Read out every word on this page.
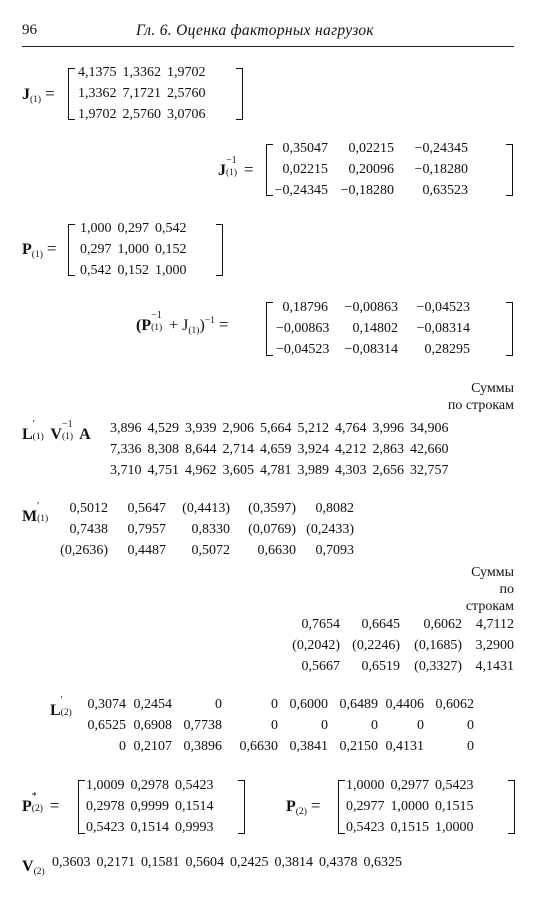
96	Гл. 6. Оценка факторных нагрузок
$J_{(1)}$ =
4,1375 1,3362 1,9702
1,3362 7,1721 2,5760
1,9702 2,5760 3,0706
J
−1
(1) =
0,35047	0,02215	−0,24345
0,02215	0,20096	−0,18280
−0,24345 −0,18280	0,63523
$P_{(1)}$ =
1,000 0,297 0,542
0,297 1,000 0,152
0,542 0,152 1,000
(P
−1
$(1) + J_{(1)})^{-1}$ =
0,18796	−0,00863	−0,04523
−0,00863	0,14802	−0,08314
−0,04523	−0,08314	0,28295
Суммы
по строкам
L
′
(1) V
−1
(1) A	3,896 4,529 3,939 2,906 5,664 5,212 4,764 3,996 34,906
7,336 8,308 8,644 2,714 4,659 3,924 4,212 2,863 42,660
3,710 4,751 4,962 3,605 4,781 3,989 4,303 2,656 32,757
M
′
(1)
0,5012	0,5647	(0,4413)	(0,3597)	0,8082
0,7438	0,7957	0,8330	(0,0769) (0,2433)
(0,2636)	0,4487	0,5072	0,6630	0,7093
Суммы
по
строкам
0,7654	0,6645	0,6062	4,7112
(0,2042) (0,2246)	(0,1685) 3,2900
0,5667	0,6519	(0,3327) 4,1431
L
′
(2)
0,3074 0,2454	0	0 0,6000 0,6489 0,4406 0,6062
0,6525 0,6908 0,7738	0	0	0	0	0
0 0,2107 0,3896	0,6630 0,3841 0,2150 0,4131	0
P
*
(2) =
1,0009 0,2978 0,5423
0,2978 0,9999 0,1514
0,5423 0,1514 0,9993
$P_{(2)}$ =
1,0000 0,2977 0,5423
0,2977 1,0000 0,1515
0,5423 0,1515 1,0000
$V_{(2)}$
0,3603 0,2171 0,1581 0,5604 0,2425 0,3814 0,4378 0,6325
